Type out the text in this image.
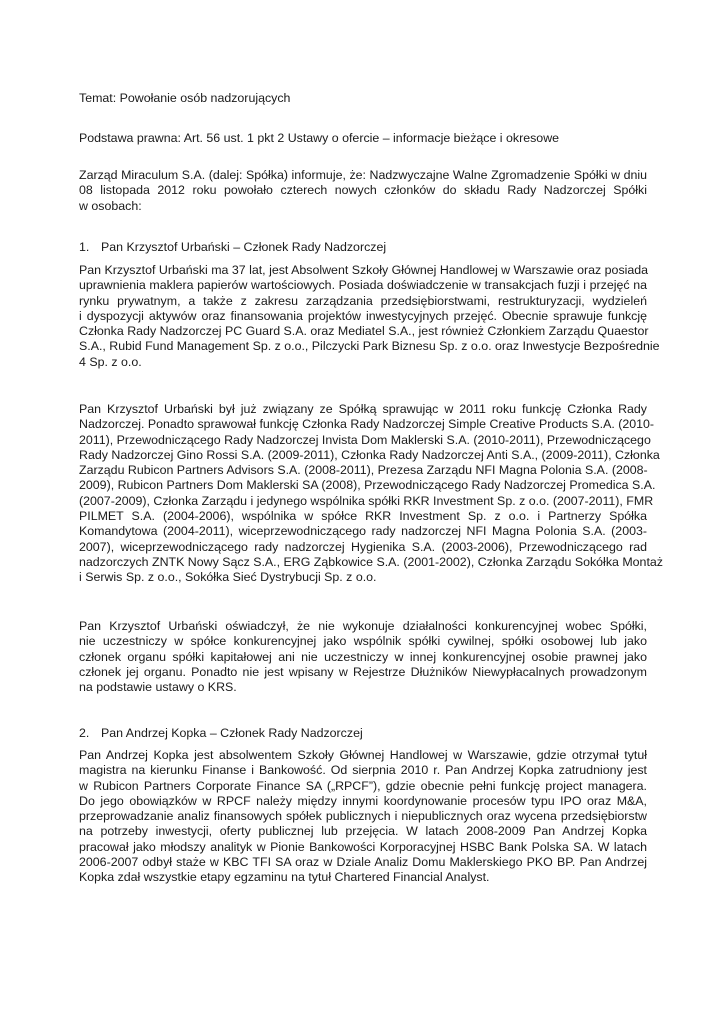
Temat: Powołanie osób nadzorujących

Podstawa prawna: Art. 56 ust. 1 pkt 2 Ustawy o ofercie – informacje bieżące i okresowe

Zarząd Miraculum S.A. (dalej: Spółka) informuje, że: Nadzwyczajne Walne Zgromadzenie Spółki w dniu
08 listopada 2012 roku powołało czterech nowych członków do składu Rady Nadzorczej Spółki
w osobach:

1. Pan Krzysztof Urbański – Członek Rady Nadzorczej

Pan Krzysztof Urbański ma 37 lat, jest Absolwent Szkoły Głównej Handlowej w Warszawie oraz posiada
uprawnienia maklera papierów wartościowych. Posiada doświadczenie w transakcjach fuzji i przejęć na
rynku prywatnym, a także z zakresu zarządzania przedsiębiorstwami, restrukturyzacji, wydzieleń
i dyspozycji aktywów oraz finansowania projektów inwestycyjnych przejęć. Obecnie sprawuje funkcję
Członka Rady Nadzorczej PC Guard S.A. oraz Mediatel S.A., jest również Członkiem Zarządu Quaestor
S.A., Rubid Fund Management Sp. z o.o., Pilczycki Park Biznesu Sp. z o.o. oraz Inwestycje Bezpośrednie
4 Sp. z o.o.
Pan Krzysztof Urbański był już związany ze Spółką sprawując w 2011 roku funkcję Członka Rady
Nadzorczej. Ponadto sprawował funkcję Członka Rady Nadzorczej Simple Creative Products S.A. (2010-
2011), Przewodniczącego Rady Nadzorczej Invista Dom Maklerski S.A. (2010-2011), Przewodniczącego
Rady Nadzorczej Gino Rossi S.A. (2009-2011), Członka Rady Nadzorczej Anti S.A., (2009-2011), Członka
Zarządu Rubicon Partners Advisors S.A. (2008-2011), Prezesa Zarządu NFI Magna Polonia S.A. (2008-
2009), Rubicon Partners Dom Maklerski SA (2008), Przewodniczącego Rady Nadzorczej Promedica S.A.
(2007-2009), Członka Zarządu i jedynego wspólnika spółki RKR Investment Sp. z o.o. (2007-2011), FMR
PILMET S.A. (2004-2006), wspólnika w spółce RKR Investment Sp. z o.o. i Partnerzy Spółka
Komandytowa (2004-2011), wiceprzewodniczącego rady nadzorczej NFI Magna Polonia S.A. (2003-
2007), wiceprzewodniczącego rady nadzorczej Hygienika S.A. (2003-2006), Przewodniczącego rad
nadzorczych ZNTK Nowy Sącz S.A., ERG Ząbkowice S.A. (2001-2002), Członka Zarządu Sokółka Montaż
i Serwis Sp. z o.o., Sokółka Sieć Dystrybucji Sp. z o.o.
Pan Krzysztof Urbański oświadczył, że nie wykonuje działalności konkurencyjnej wobec Spółki,
nie uczestniczy w spółce konkurencyjnej jako wspólnik spółki cywilnej, spółki osobowej lub jako
członek organu spółki kapitałowej ani nie uczestniczy w innej konkurencyjnej osobie prawnej jako
członek jej organu. Ponadto nie jest wpisany w Rejestrze Dłużników Niewypłacalnych prowadzonym
na podstawie ustawy o KRS.

2. Pan Andrzej Kopka – Członek Rady Nadzorczej

Pan Andrzej Kopka jest absolwentem Szkoły Głównej Handlowej w Warszawie, gdzie otrzymał tytuł
magistra na kierunku Finanse i Bankowość. Od sierpnia 2010 r. Pan Andrzej Kopka zatrudniony jest
w Rubicon Partners Corporate Finance SA („RPCF”), gdzie obecnie pełni funkcję project managera.
Do jego obowiązków w RPCF należy między innymi koordynowanie procesów typu IPO oraz M&A,
przeprowadzanie analiz finansowych spółek publicznych i niepublicznych oraz wycena przedsiębiorstw
na potrzeby inwestycji, oferty publicznej lub przejęcia. W latach 2008-2009 Pan Andrzej Kopka
pracował jako młodszy analityk w Pionie Bankowości Korporacyjnej HSBC Bank Polska SA. W latach
2006-2007 odbył staże w KBC TFI SA oraz w Dziale Analiz Domu Maklerskiego PKO BP. Pan Andrzej
Kopka zdał wszystkie etapy egzaminu na tytuł Chartered Financial Analyst.
